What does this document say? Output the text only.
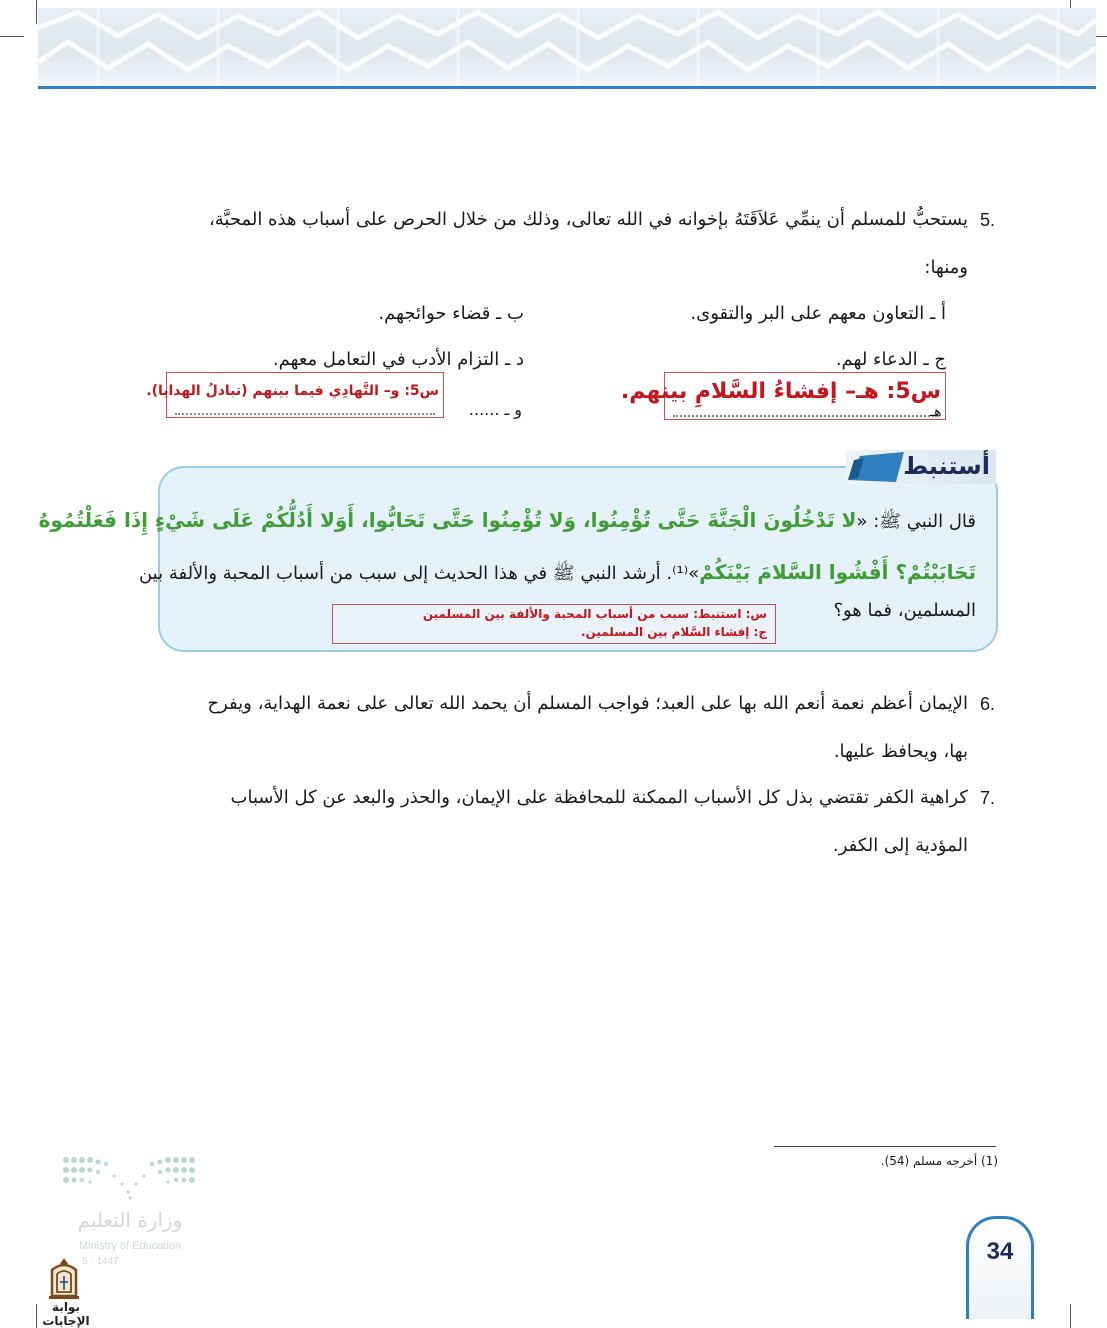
5.
يستحبُّ للمسلم أن ينمِّي عَلاَقَتَهُ بإخوانه في الله تعالى، وذلك من خلال الحرص على أسباب هذه المحبَّة،
ومنها:
أ ـ التعاون معهم على البر والتقوى.
ب ـ قضاء حوائجهم.
ج ـ الدعاء لهم.
د ـ التزام الأدب في التعامل معهم.
س5: هـ– إفشاءُ السَّلامِ بينهم.
هـ
س5: و– التَّهادِي فيما بينهم (تبادلُ الهدايا).
و ـ ......
أستنبط
قال النبي ﷺ: «لا تَدْخُلُونَ الْجَنَّةَ حَتَّى تُؤْمِنُوا، وَلا تُؤْمِنُوا حَتَّى تَحَابُّوا، أَوَلا أَدُلُّكُمْ عَلَى شَيْءٍ إِذَا فَعَلْتُمُوهُ
تَحَابَبْتُمْ؟ أَفْشُوا السَّلامَ بَيْنَكُمْ»⁽¹⁾. أرشد النبي ﷺ في هذا الحديث إلى سبب من أسباب المحبة والألفة بين
المسلمين، فما هو؟
س: استنبط: سبب من أسباب المحبة والألفة بين المسلمين
ج: إفشاء السَّلام بين المسلمين.
6.
الإيمان أعظم نعمة أنعم الله بها على العبد؛ فواجب المسلم أن يحمد الله تعالى على نعمة الهداية، ويفرح
بها، ويحافظ عليها.
7.
كراهية الكفر تقتضي بذل كل الأسباب الممكنة للمحافظة على الإيمان، والحذر والبعد عن كل الأسباب
المؤدية إلى الكفر.
(1) أخرجه مسلم (54).
وزارة التعليم
Ministry of Education
5 - 1447
بوابة الإجابات
34
